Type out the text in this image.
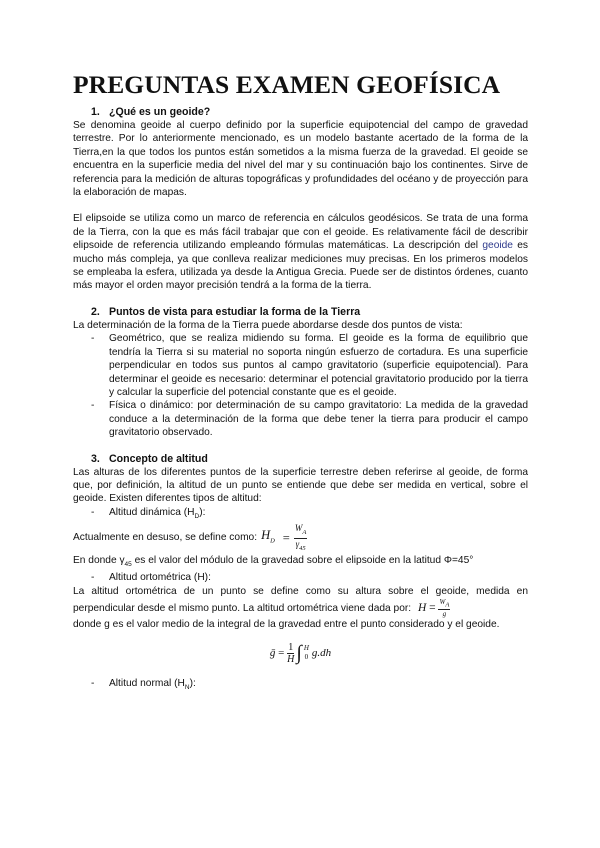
PREGUNTAS EXAMEN GEOFÍSICA
1. ¿Qué es un geoide?

Se denomina geoide al cuerpo definido por la superficie equipotencial del campo de gravedad terrestre. Por lo anteriormente mencionado, es un modelo bastante acertado de la forma de la Tierra,en la que todos los puntos están sometidos a la misma fuerza de la gravedad. El geoide se encuentra en la superficie media del nivel del mar y su continuación bajo los continentes. Sirve de referencia para la medición de alturas topográficas y profundidades del océano y de proyección para la elaboración de mapas.

El elipsoide se utiliza como un marco de referencia en cálculos geodésicos. Se trata de una forma de la Tierra, con la que es más fácil trabajar que con el geoide. Es relativamente fácil de describir elipsoide de referencia utilizando empleando fórmulas matemáticas. La descripción del geoide es mucho más compleja, ya que conlleva realizar mediciones muy precisas. En los primeros modelos se empleaba la esfera, utilizada ya desde la Antigua Grecia. Puede ser de distintos órdenes, cuanto más mayor el orden mayor precisión tendrá a la forma de la tierra.

2. Puntos de vista para estudiar la forma de la Tierra

La determinación de la forma de la Tierra puede abordarse desde dos puntos de vista:

- Geométrico, que se realiza midiendo su forma. El geoide es la forma de equilibrio que tendría la Tierra si su material no soporta ningún esfuerzo de cortadura. Es una superficie perpendicular en todos sus puntos al campo gravitatorio (superficie equipotencial). Para determinar el geoide es necesario: determinar el potencial gravitatorio producido por la tierra y calcular la superficie del potencial constante que es el geoide.
- Física o dinámico: por determinación de su campo gravitatorio: La medida de la gravedad conduce a la determinación de la forma que debe tener la tierra para producir el campo gravitatorio observado.
3. Concepto de altitud

Las alturas de los diferentes puntos de la superficie terrestre deben referirse al geoide, de forma que, por definición, la altitud de un punto se entiende que debe ser medida en vertical, sobre el geoide. Existen diferentes tipos de altitud:

- Altitud dinámica $(H_D)$:
Actualmente en desuso, se define como: $H_D = \frac{W_A}{\gamma_{45}}$

En donde $\gamma_{45}$ es el valor del módulo de la gravedad sobre el elipsoide en la latitud Φ=45°

- Altitud ortométrica (H):

La altitud ortométrica de un punto se define como su altura sobre el geoide, medida en perpendicular desde el mismo punto. La altitud ortométrica viene dada por: $H = \frac{W_A}{g}$

donde g es el valor medio de la integral de la gravedad entre el punto considerado y el geoide.

ḡ
=
$\frac{1}{H}$ ∫ H
0 g.dh
- Altitud normal $(H_N)$:
